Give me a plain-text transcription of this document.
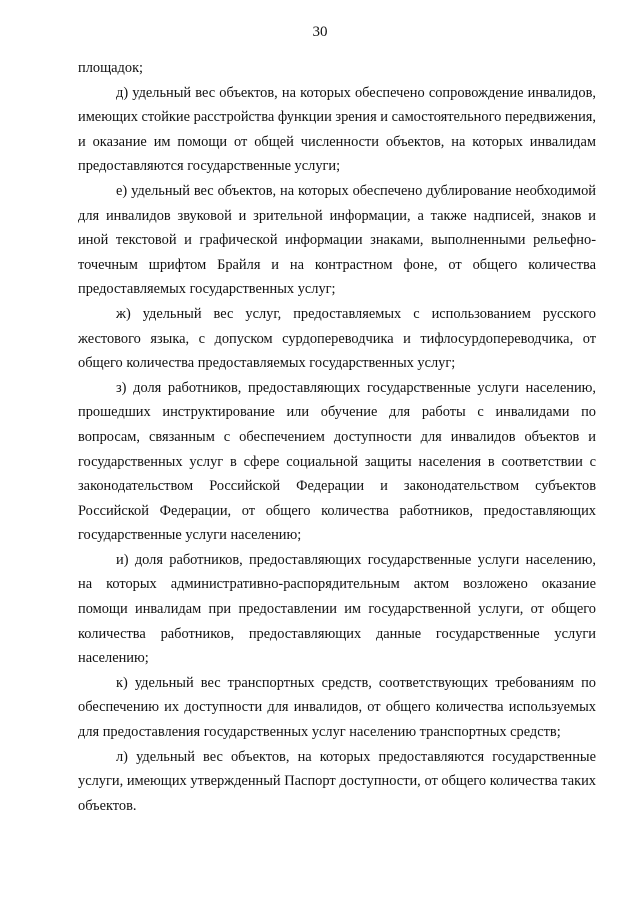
30

площадок;

д) удельный вес объектов, на которых обеспечено сопровождение инвалидов, имеющих стойкие расстройства функции зрения и самостоятельного передвижения, и оказание им помощи от общей численности объектов, на которых инвалидам предоставляются государственные услуги;

е) удельный вес объектов, на которых обеспечено дублирование необходимой для инвалидов звуковой и зрительной информации, а также надписей, знаков и иной текстовой и графической информации знаками, выполненными рельефно-точечным шрифтом Брайля и на контрастном фоне, от общего количества предоставляемых государственных услуг;

ж) удельный вес услуг, предоставляемых с использованием русского жестового языка, с допуском сурдопереводчика и тифлосурдопереводчика, от общего количества предоставляемых государственных услуг;

з) доля работников, предоставляющих государственные услуги населению, прошедших инструктирование или обучение для работы с инвалидами по вопросам, связанным с обеспечением доступности для инвалидов объектов и государственных услуг в сфере социальной защиты населения в соответствии с законодательством Российской Федерации и законодательством субъектов Российской Федерации, от общего количества работников, предоставляющих государственные услуги населению;

и) доля работников, предоставляющих государственные услуги населению, на которых административно-распорядительным актом возложено оказание помощи инвалидам при предоставлении им государственной услуги, от общего количества работников, предоставляющих данные государственные услуги населению;

к) удельный вес транспортных средств, соответствующих требованиям по обеспечению их доступности для инвалидов, от общего количества используемых для предоставления государственных услуг населению транспортных средств;

л) удельный вес объектов, на которых предоставляются государственные услуги, имеющих утвержденный Паспорт доступности, от общего количества таких объектов.
